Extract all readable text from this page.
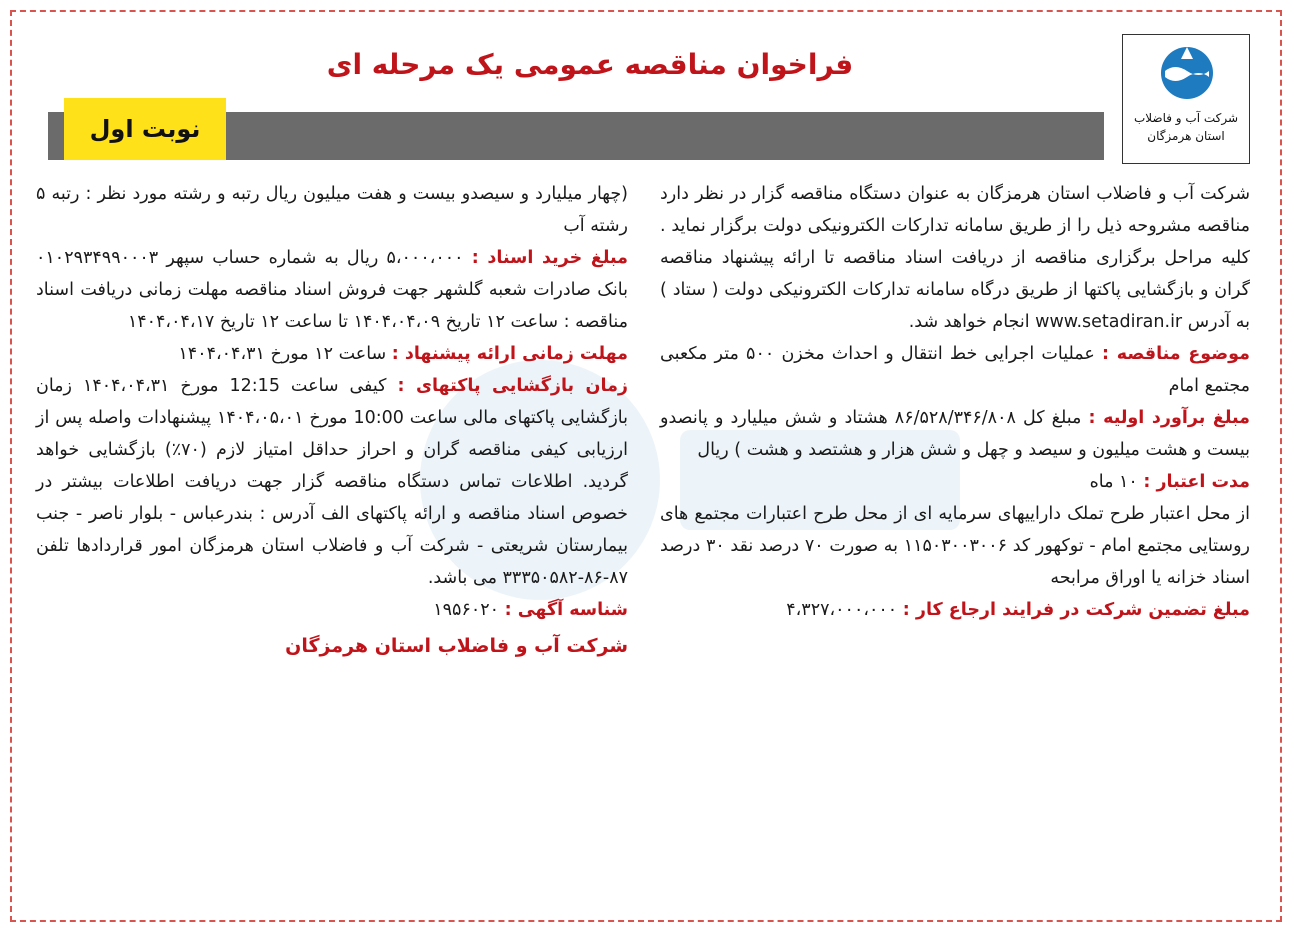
شرکت آب و فاضلاب
استان هرمزگان
فراخوان مناقصه عمومی یک مرحله ای
نوبت اول

شرکت آب و فاضلاب استان هرمزگان به عنوان دستگاه مناقصه گزار در نظر دارد مناقصه مشروحه ذیل را از طریق سامانه تدارکات الکترونیکی دولت برگزار نماید . کلیه مراحل برگزاری مناقصه از دریافت اسناد مناقصه تا ارائه پیشنهاد مناقصه گران و بازگشایی پاکتها از طریق درگاه سامانه تدارکات الکترونیکی دولت ( ستاد ) به آدرس www.setadiran.ir انجام خواهد شد.

موضوع مناقصه : عملیات اجرایی خط انتقال و احداث مخزن ۵۰۰ متر مکعبی مجتمع امام

مبلغ برآورد اولیه : مبلغ کل ۸۶/۵۲۸/۳۴۶/۸۰۸ هشتاد و شش میلیارد و پانصدو بیست و هشت میلیون و سیصد و چهل و شش هزار و هشتصد و هشت ) ریال

مدت اعتبار : ۱۰ ماه

از محل اعتبار طرح تملک داراییهای سرمایه ای از محل طرح اعتبارات مجتمع های روستایی مجتمع امام - توکهور کد ۱۱۵۰۳۰۰۳۰۰۶ به صورت ۷۰ درصد نقد ۳۰ درصد اسناد خزانه یا اوراق مرابحه

مبلغ تضمین شرکت در فرایند ارجاع کار : ۴،۳۲۷،۰۰۰،۰۰۰

(چهار میلیارد و سیصدو بیست و هفت میلیون ریال رتبه و رشته مورد نظر : رتبه ۵ رشته آب

مبلغ خرید اسناد : ۵،۰۰۰،۰۰۰ ریال به شماره حساب سپهر ۰۱۰۲۹۳۴۹۹۰۰۰۳ بانک صادرات شعبه گلشهر جهت فروش اسناد مناقصه مهلت زمانی دریافت اسناد مناقصه : ساعت ۱۲ تاریخ ۱۴۰۴،۰۴،۰۹ تا ساعت ۱۲ تاریخ ۱۴۰۴،۰۴،۱۷

مهلت زمانی ارائه پیشنهاد : ساعت ۱۲ مورخ ۱۴۰۴،۰۴،۳۱

زمان بازگشایی پاکتهای : کیفی ساعت 12:15 مورخ ۱۴۰۴،۰۴،۳۱ زمان بازگشایی پاکتهای مالی ساعت 10:00 مورخ ۱۴۰۴،۰۵،۰۱ پیشنهادات واصله پس از ارزیابی کیفی مناقصه گران و احراز حداقل امتیاز لازم (۷۰٪) بازگشایی خواهد گردید. اطلاعات تماس دستگاه مناقصه گزار جهت دریافت اطلاعات بیشتر در خصوص اسناد مناقصه و ارائه پاکتهای الف آدرس : بندرعباس - بلوار ناصر - جنب بیمارستان شریعتی - شرکت آب و فاضلاب استان هرمزگان امور قراردادها تلفن ۸۷-۸۶-۳۳۳۵۰۵۸۲ می باشد.

شناسه آگهی : ۱۹۵۶۰۲۰

شرکت آب و فاضلاب استان هرمزگان
